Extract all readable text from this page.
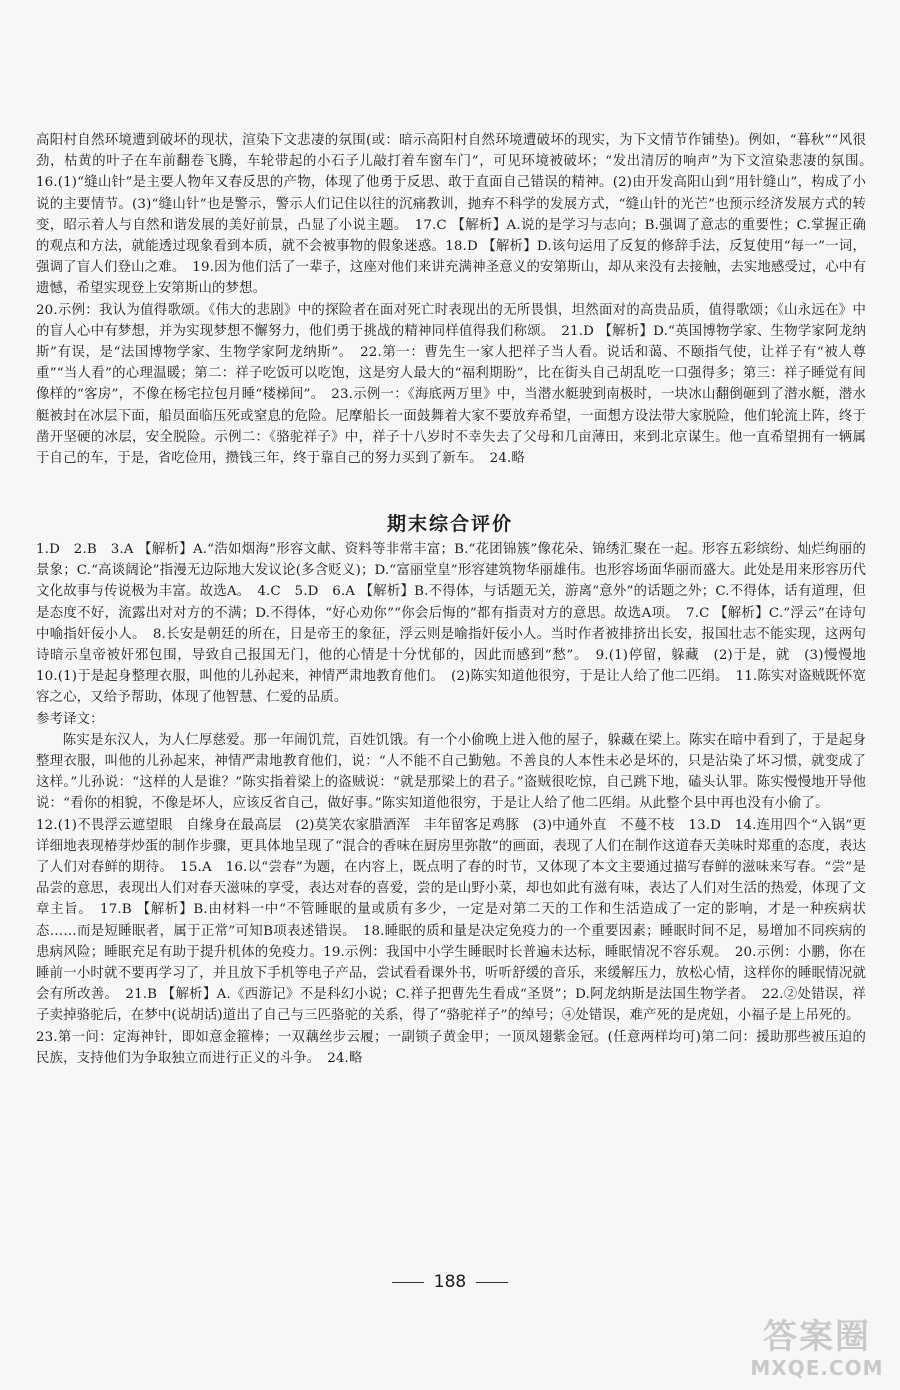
高阳村自然环境遭到破坏的现状，渲染下文悲凄的氛围(或：暗示高阳村自然环境遭破坏的现实，为下文情节作铺垫)。例如，“暮秋”“风很劲，枯黄的叶子在车前翻卷飞腾，车轮带起的小石子儿敲打着车窗车门”，可见环境被破坏；“发出清厉的响声”为下文渲染悲凄的氛围。　16.(1)“缝山针”是主要人物年又春反思的产物，体现了他勇于反思、敢于直面自己错误的精神。(2)由开发高阳山到“用针缝山”，构成了小说的主要情节。(3)“缝山针”也是警示，警示人们记住以往的沉痛教训，抛弃不科学的发展方式，“缝山针的光芒”也预示经济发展方式的转变，昭示着人与自然和谐发展的美好前景，凸显了小说主题。　17.C 【解析】A.说的是学习与志向；B.强调了意志的重要性；C.掌握正确的观点和方法，就能透过现象看到本质，就不会被事物的假象迷惑。18.D 【解析】D.该句运用了反复的修辞手法，反复使用“每一”一词，强调了盲人们登山之难。　19.因为他们活了一辈子，这座对他们来讲充满神圣意义的安第斯山，却从来没有去接触，去实地感受过，心中有遗憾，希望实现登上安第斯山的梦想。

20.示例：我认为值得歌颂。《伟大的悲剧》中的探险者在面对死亡时表现出的无所畏惧，坦然面对的高贵品质，值得歌颂；《山永远在》中的盲人心中有梦想，并为实现梦想不懈努力，他们勇于挑战的精神同样值得我们称颂。　21.D 【解析】D.“英国博物学家、生物学家阿龙纳斯”有误，是“法国博物学家、生物学家阿龙纳斯”。　22.第一：曹先生一家人把祥子当人看。说话和蔼、不颐指气使，让祥子有“被人尊重”“当人看”的心理温暖；第二：祥子吃饭可以吃饱，这是穷人最大的“福利期盼”，比在街头自己胡乱吃一口强得多；第三：祥子睡觉有间像样的“客房”，不像在杨宅拉包月睡“楼梯间”。　23.示例一：《海底两万里》中，当潜水艇驶到南极时，一块冰山翻倒砸到了潜水艇，潜水艇被封在冰层下面，船员面临压死或窒息的危险。尼摩船长一面鼓舞着大家不要放弃希望，一面想方设法带大家脱险，他们轮流上阵，终于凿开坚硬的冰层，安全脱险。示例二：《骆驼祥子》中，祥子十八岁时不幸失去了父母和几亩薄田，来到北京谋生。他一直希望拥有一辆属于自己的车，于是，省吃俭用，攒钱三年，终于靠自己的努力买到了新车。　24.略

期末综合评价

1.D　2.B　3.A 【解析】A.“浩如烟海”形容文献、资料等非常丰富；B.“花团锦簇”像花朵、锦绣汇聚在一起。形容五彩缤纷、灿烂绚丽的景象；C.“高谈阔论”指漫无边际地大发议论(多含贬义)；D.“富丽堂皇”形容建筑物华丽雄伟。也形容场面华丽而盛大。此处是用来形容历代文化故事与传说极为丰富。故选A。　4.C　5.D　6.A 【解析】B.不得体，与话题无关，游离“意外”的话题之外；C.不得体，话有道理，但是态度不好，流露出对对方的不满；D.不得体，“好心劝你”“你会后悔的”都有指责对方的意思。故选A项。　7.C 【解析】C.“浮云”在诗句中喻指奸佞小人。　8.长安是朝廷的所在，日是帝王的象征，浮云则是喻指奸佞小人。当时作者被排挤出长安，报国壮志不能实现，这两句诗暗示皇帝被奸邪包围，导致自己报国无门，他的心情是十分忧郁的，因此而感到“愁”。　9.(1)停留，躲藏　(2)于是，就　(3)慢慢地　10.(1)于是起身整理衣服，叫他的儿孙起来，神情严肃地教育他们。　(2)陈实知道他很穷，于是让人给了他二匹绢。　11.陈实对盗贼既怀宽容之心，又给予帮助，体现了他智慧、仁爱的品质。

参考译文：

陈实是东汉人，为人仁厚慈爱。那一年闹饥荒，百姓饥饿。有一个小偷晚上进入他的屋子，躲藏在梁上。陈实在暗中看到了，于是起身整理衣服，叫他的儿孙起来，神情严肃地教育他们，说：“人不能不自己勤勉。不善良的人本性未必是坏的，只是沾染了坏习惯，就变成了这样。”儿孙说：“这样的人是谁？”陈实指着梁上的盗贼说：“就是那梁上的君子。”盗贼很吃惊，自己跳下地，磕头认罪。陈实慢慢地开导他说：“看你的相貌，不像是坏人，应该反省自己，做好事。”陈实知道他很穷，于是让人给了他二匹绢。从此整个县中再也没有小偷了。

12.(1)不畏浮云遮望眼　自缘身在最高层　(2)莫笑农家腊酒浑　丰年留客足鸡豚　(3)中通外直　不蔓不枝　13.D　14.连用四个“入锅”更详细地表现椿芽炒蛋的制作步骤，更具体地呈现了“混合的香味在厨房里弥散”的画面，表现了人们在制作这道春天美味时郑重的态度，表达了人们对春鲜的期待。　15.A　16.以“尝春”为题，在内容上，既点明了春的时节，又体现了本文主要通过描写春鲜的滋味来写春。“尝”是品尝的意思，表现出人们对春天滋味的享受，表达对春的喜爱，尝的是山野小菜，却也如此有滋有味，表达了人们对生活的热爱，体现了文章主旨。　17.B 【解析】B.由材料一中“不管睡眠的量或质有多少，一定是对第二天的工作和生活造成了一定的影响，才是一种疾病状态……而是短睡眠者，属于正常”可知B项表述错误。　18.睡眠的质和量是决定免疫力的一个重要因素；睡眠时间不足，易增加不同疾病的患病风险；睡眠充足有助于提升机体的免疫力。19.示例：我国中小学生睡眠时长普遍未达标，睡眠情况不容乐观。　20.示例：小鹏，你在睡前一小时就不要再学习了，并且放下手机等电子产品，尝试看看课外书，听听舒缓的音乐，来缓解压力，放松心情，这样你的睡眠情况就会有所改善。　21.B 【解析】A.《西游记》不是科幻小说；C.祥子把曹先生看成“圣贤”；D.阿龙纳斯是法国生物学者。　22.②处错误，祥子卖掉骆驼后，在梦中(说胡话)道出了自己与三匹骆驼的关系，得了“骆驼祥子”的绰号；④处错误，难产死的是虎妞，小福子是上吊死的。

23.第一问：定海神针，即如意金箍棒；一双藕丝步云履；一副锁子黄金甲；一顶凤翅紫金冠。(任意两样均可)第二问：援助那些被压迫的民族，支持他们为争取独立而进行正义的斗争。　24.略

188
答案圈
MXQE.COM
